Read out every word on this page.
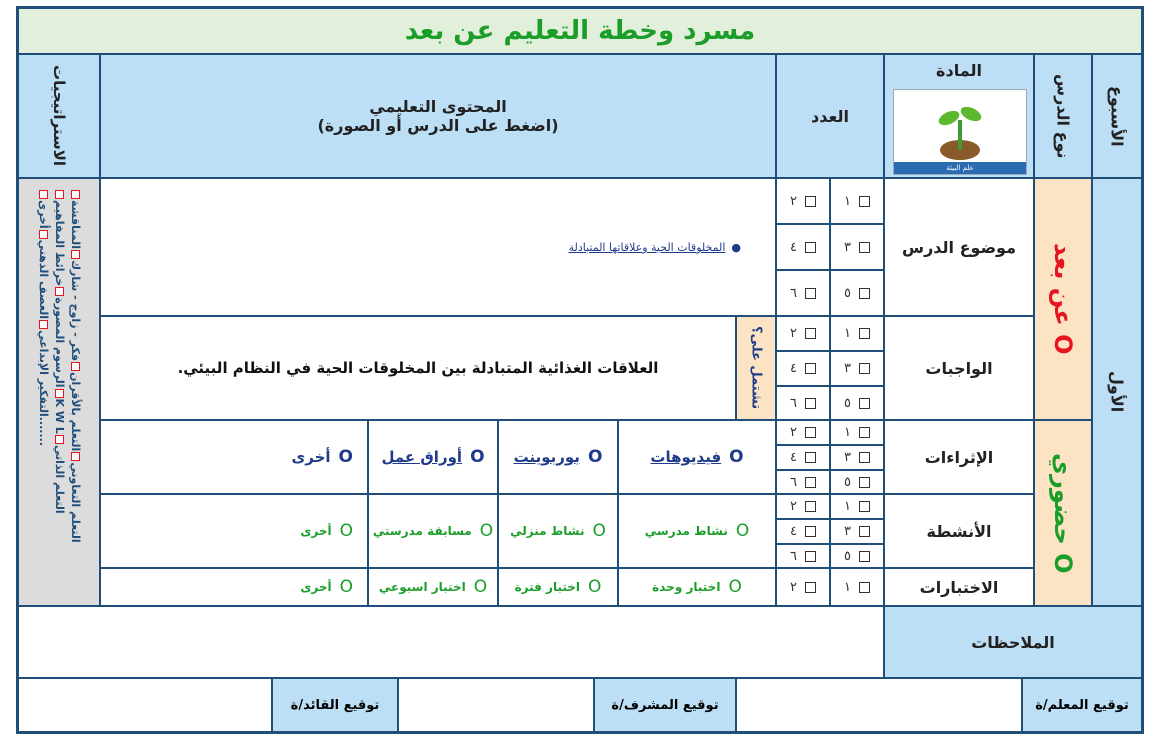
مسرد وخطة التعليم عن بعد
الأسبوع
نوع الدرس
المادة
علم البيئة
العدد
المحتوى التعليمي
(اضغط على الدرس أو الصورة)
الاستراتيجيات
الأول
عن بعد O
حضوري O
موضوع الدرس
الواجبات
الإثراءات
الأنشطة
الاختبارات
١
٢
٣
٤
٥
٦
١
٢
٣
٤
٥
٦
١
٢
٣
٤
٥
٦
١
٢
٣
٤
٥
٦
١
٢
●المخلوقات الحية وعلاقاتها المتبادلة
العلاقات الغذائية المتبادلة بين المخلوقات الحية في النظام البيئي.	تشتمل على؟
فيديوهات O
بوربوينت O
أوراق عمل O
أخرى O
نشاط مدرسي O
نشاط منزلي O
مسابقة مدرستي O
أخرى O
اختبار وحدة O
اختبار فترة O
اختبار اسبوعي O
أخرى O
التعلم التعاونيالتعلم بالأقرانفكر - زاوج - شاركالمناقشة
الرسوم المصورةخرائط المفاهيمK W Lالتعلم الذاتي
التفكير الإبداعيالعصف الذهنيأخرى.......
الملاحظات
توقيع المعلم/ة
توقيع المشرف/ة
توقيع القائد/ة
